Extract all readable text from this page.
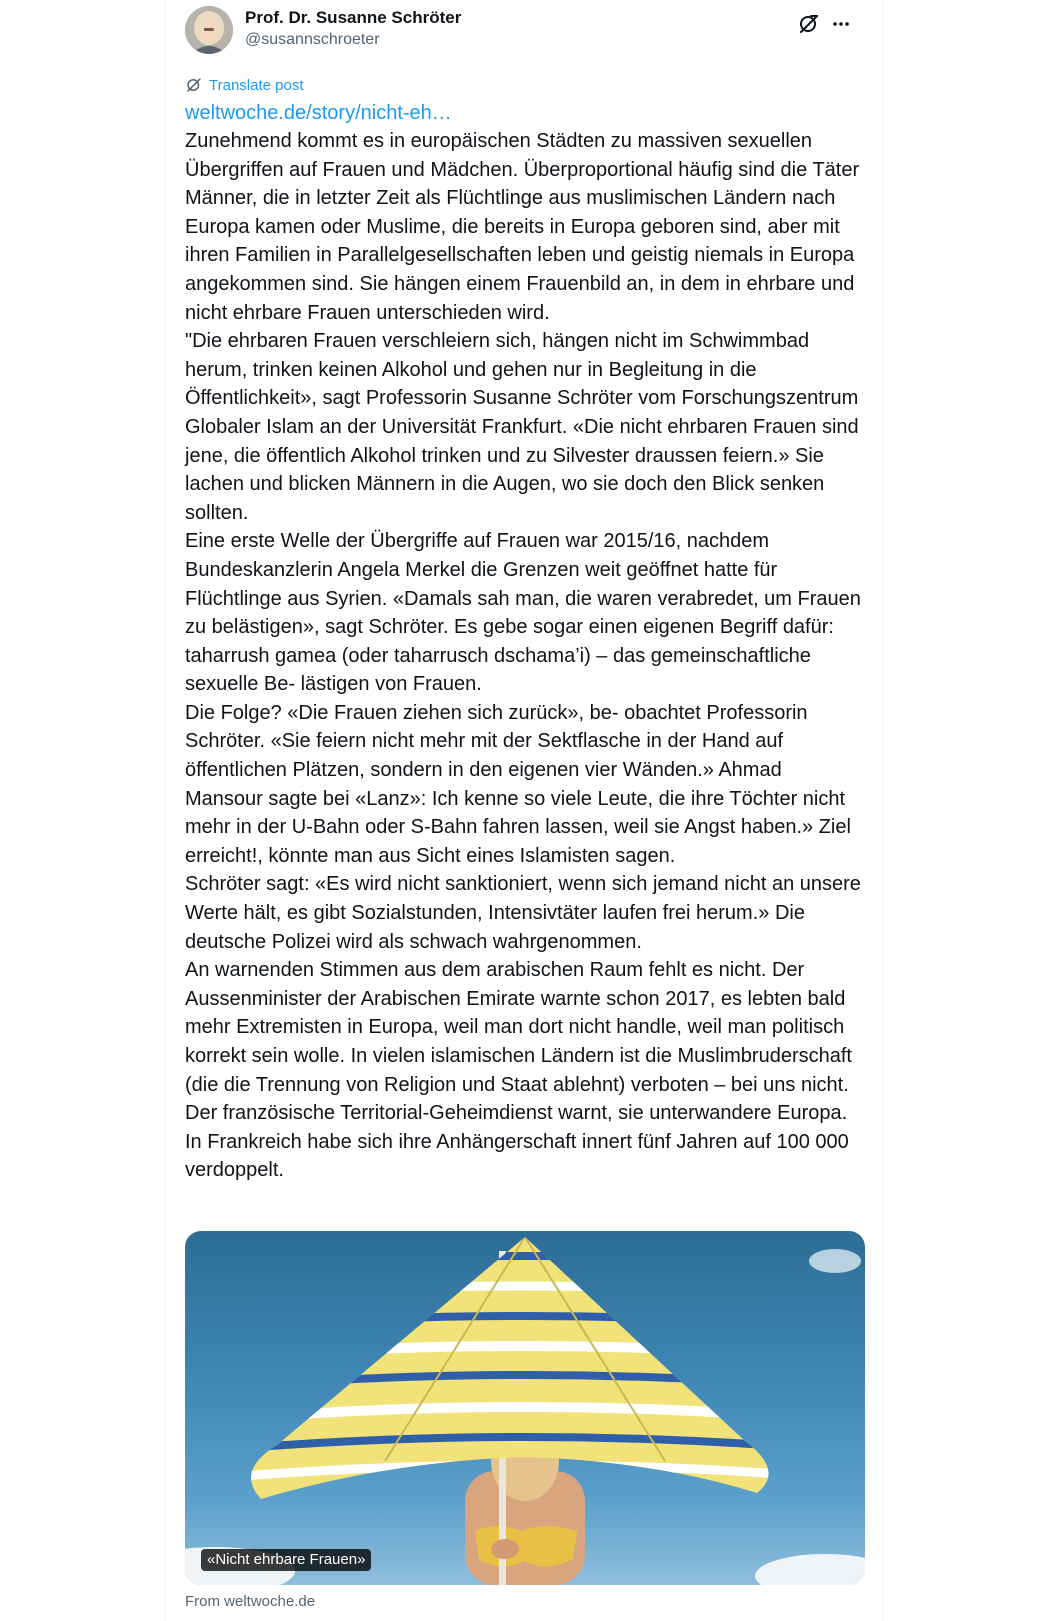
Prof. Dr. Susanne Schröter
@susannschroeter
Translate post
weltwoche.de/story/nicht-eh…

Zunehmend kommt es in europäischen Städten zu massiven sexuellen Übergriffen auf Frauen und Mädchen. Überproportional häufig sind die Täter Männer, die in letzter Zeit als Flüchtlinge aus muslimischen Ländern nach Europa kamen oder Muslime, die bereits in Europa geboren sind, aber mit ihren Familien in Parallelgesellschaften leben und geistig niemals in Europa angekommen sind. Sie hängen einem Frauenbild an, in dem in ehrbare und nicht ehrbare Frauen unterschieden wird.

"Die ehrbaren Frauen verschleiern sich, hängen nicht im Schwimmbad herum, trinken keinen Alkohol und gehen nur in Begleitung in die Öffentlichkeit», sagt Professorin Susanne Schröter vom Forschungszentrum Globaler Islam an der Universität Frankfurt. «Die nicht ehrbaren Frauen sind jene, die öffentlich Alkohol trinken und zu Silvester draussen feiern.» Sie lachen und blicken Männern in die Augen, wo sie doch den Blick senken sollten.

Eine erste Welle der Übergriffe auf Frauen war 2015/16, nachdem Bundeskanzlerin Angela Merkel die Grenzen weit geöffnet hatte für Flüchtlinge aus Syrien. «Damals sah man, die waren verabredet, um Frauen zu belästigen», sagt Schröter. Es gebe sogar einen eigenen Begriff dafür: taharrush gamea (oder taharrusch dschama’i) – das gemeinschaftliche sexuelle Be- lästigen von Frauen.

Die Folge? «Die Frauen ziehen sich zurück», be- obachtet Professorin Schröter. «Sie feiern nicht mehr mit der Sektflasche in der Hand auf öffentlichen Plätzen, sondern in den eigenen vier Wänden.» Ahmad Mansour sagte bei «Lanz»: Ich kenne so viele Leute, die ihre Töchter nicht mehr in der U-Bahn oder S-Bahn fahren lassen, weil sie Angst haben.» Ziel erreicht!, könnte man aus Sicht eines Islamisten sagen.

Schröter sagt: «Es wird nicht sanktioniert, wenn sich jemand nicht an unsere Werte hält, es gibt Sozialstunden, Intensivtäter laufen frei herum.» Die deutsche Polizei wird als schwach wahrgenommen.

An warnenden Stimmen aus dem arabischen Raum fehlt es nicht. Der Aussenminister der Arabischen Emirate warnte schon 2017, es lebten bald mehr Extremisten in Europa, weil man dort nicht handle, weil man politisch korrekt sein wolle. In vielen islamischen Ländern ist die Muslimbruderschaft (die die Trennung von Religion und Staat ablehnt) verboten – bei uns nicht. Der französische Territorial-Geheimdienst warnt, sie unterwandere Europa. In Frankreich habe sich ihre Anhängerschaft innert fünf Jahren auf 100 000 verdoppelt.

«Nicht ehrbare Frauen»
From weltwoche.de
